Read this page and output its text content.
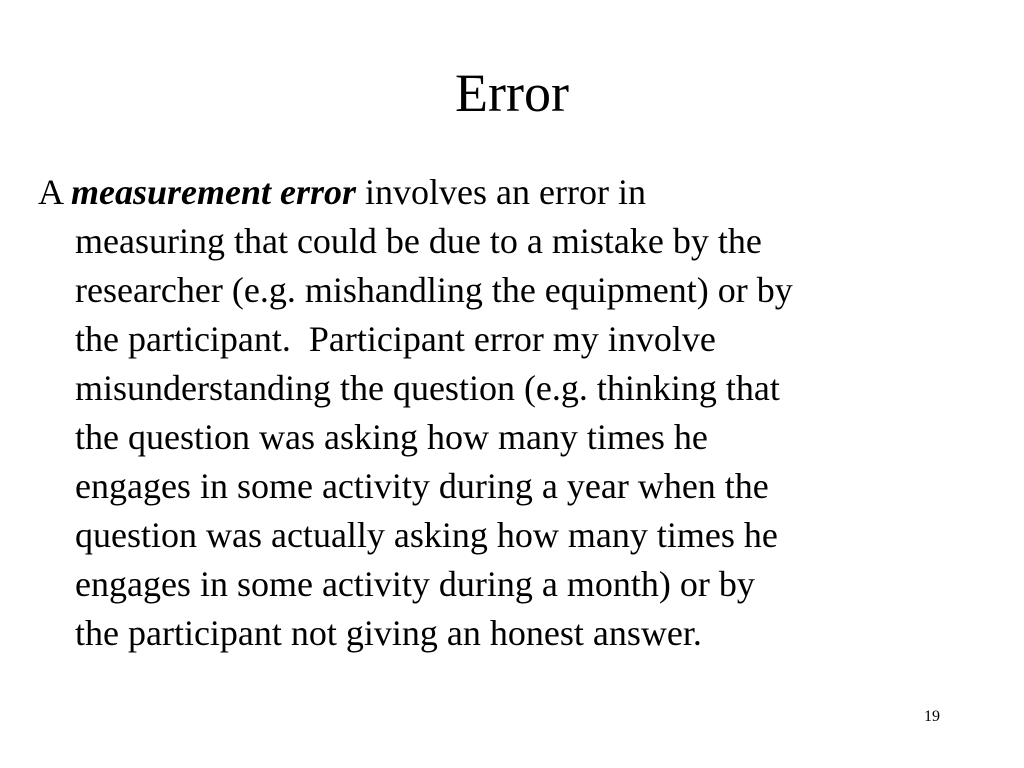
Error

A measurement error involves an error in
measuring that could be due to a mistake by the
researcher (e.g. mishandling the equipment) or by
the participant.  Participant error my involve
misunderstanding the question (e.g. thinking that
the question was asking how many times he
engages in some activity during a year when the
question was actually asking how many times he
engages in some activity during a month) or by
the participant not giving an honest answer.

19
